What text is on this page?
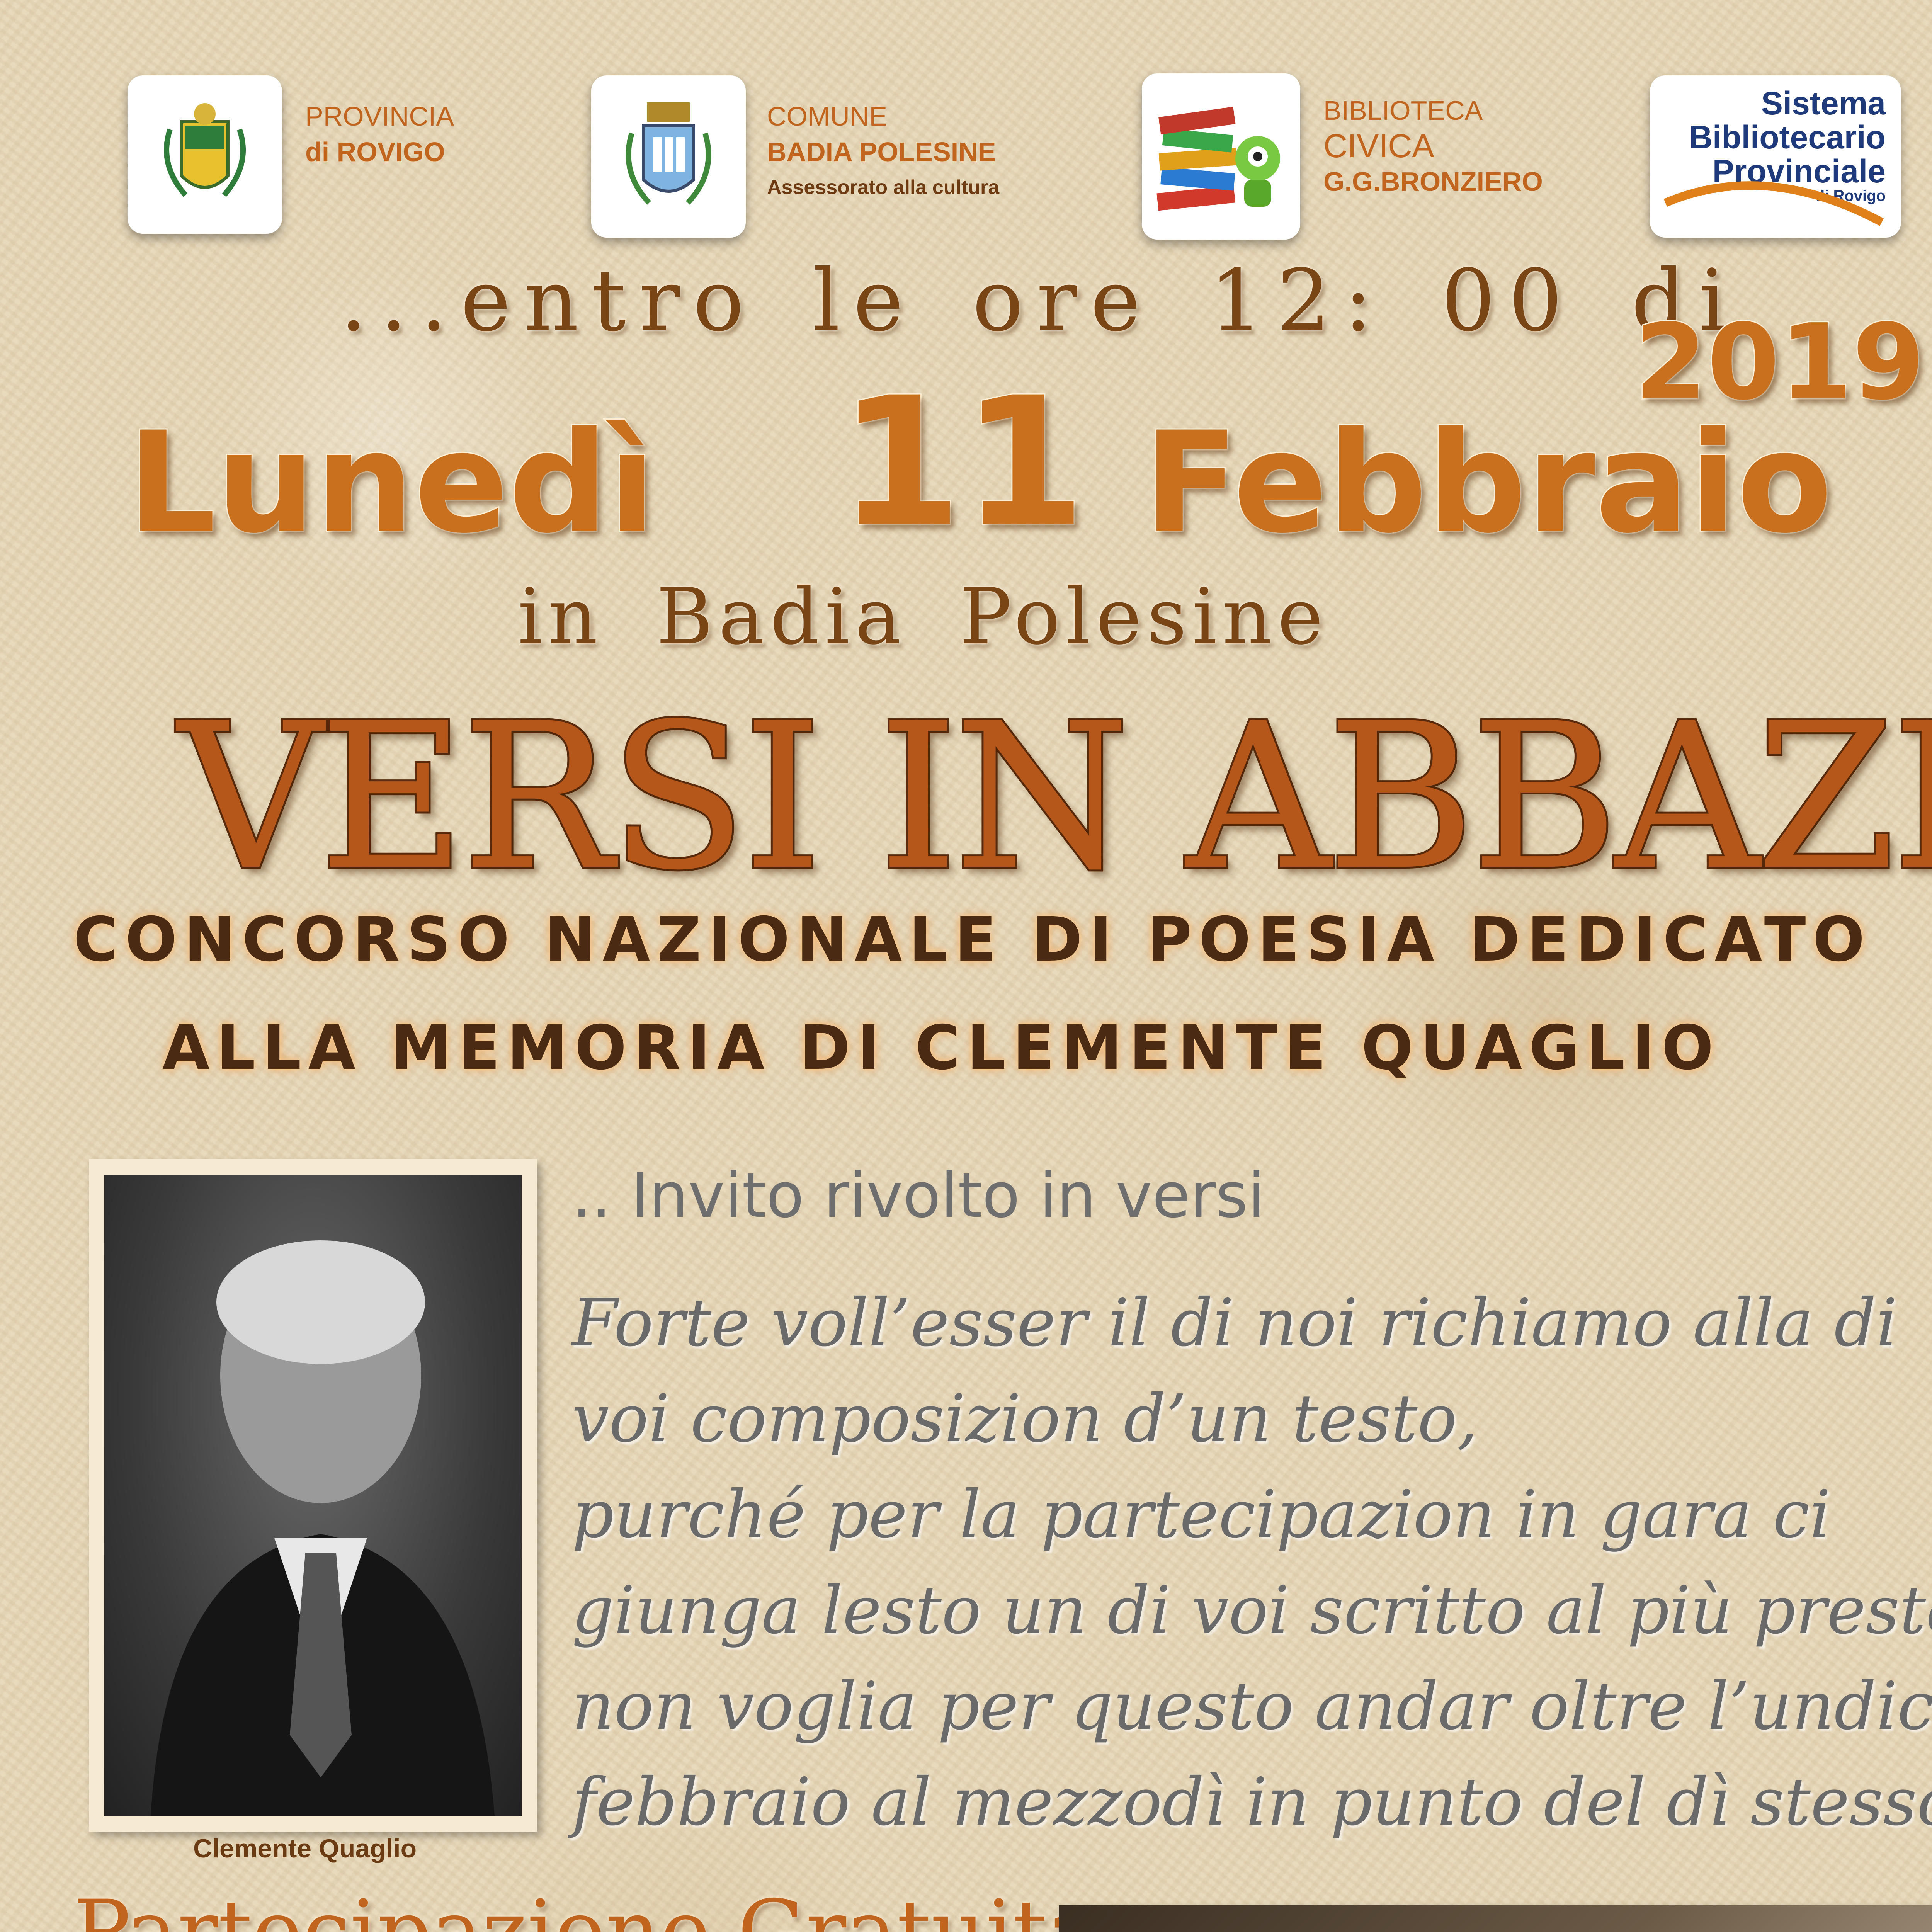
PROVINCIA
di ROVIGO
COMUNE
BADIA POLESINE
Assessorato alla cultura
BIBLIOTECA
CIVICA
G.G.BRONZIERO
Sistema
Bibliotecario
Provinciale
di Rovigo
...entro le ore 12: 00 di
2019
Lunedì 11 Febbraio
in Badia Polesine
VERSI IN ABBAZIA
CONCORSO NAZIONALE DI POESIA DEDICATO
ALLA MEMORIA DI CLEMENTE QUAGLIO
Clemente Quaglio
.. Invito rivolto in versi
Forte voll’esser il di noi richiamo alla di
voi composizion d’un testo,
purché per la partecipazion in gara ci
giunga lesto un di voi scritto al più presto,
non voglia per questo andar oltre l’undici
febbraio al mezzodì in punto del dì stesso
Partecipazione Gratuita
